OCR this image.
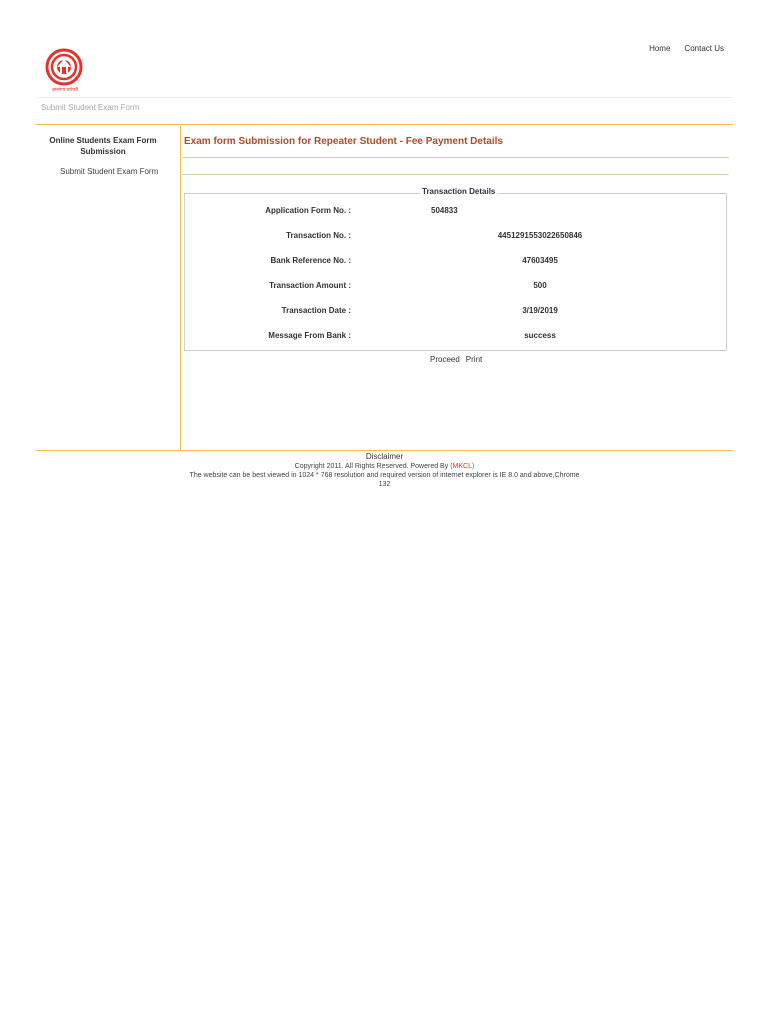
ज्ञानगंगा घरोघरी
Home Contact Us
Submit Student Exam Form
Online Students Exam Form Submission
Submit Student Exam Form
Exam form Submission for Repeater Student - Fee Payment Details
Transaction Details
Application Form No. :	504833
Transaction No. :	4451291553022650846
Bank Reference No. :	47603495
Transaction Amount :	500
Transaction Date :	3/19/2019
Message From Bank :	success
Proceed Print
Disclaimer
Copyright 2011. All Rights Reserved. Powered By (MKCL)
The website can be best viewed in 1024 * 768 resolution and required version of internet explorer is IE 8.0 and above,Chrome
132
